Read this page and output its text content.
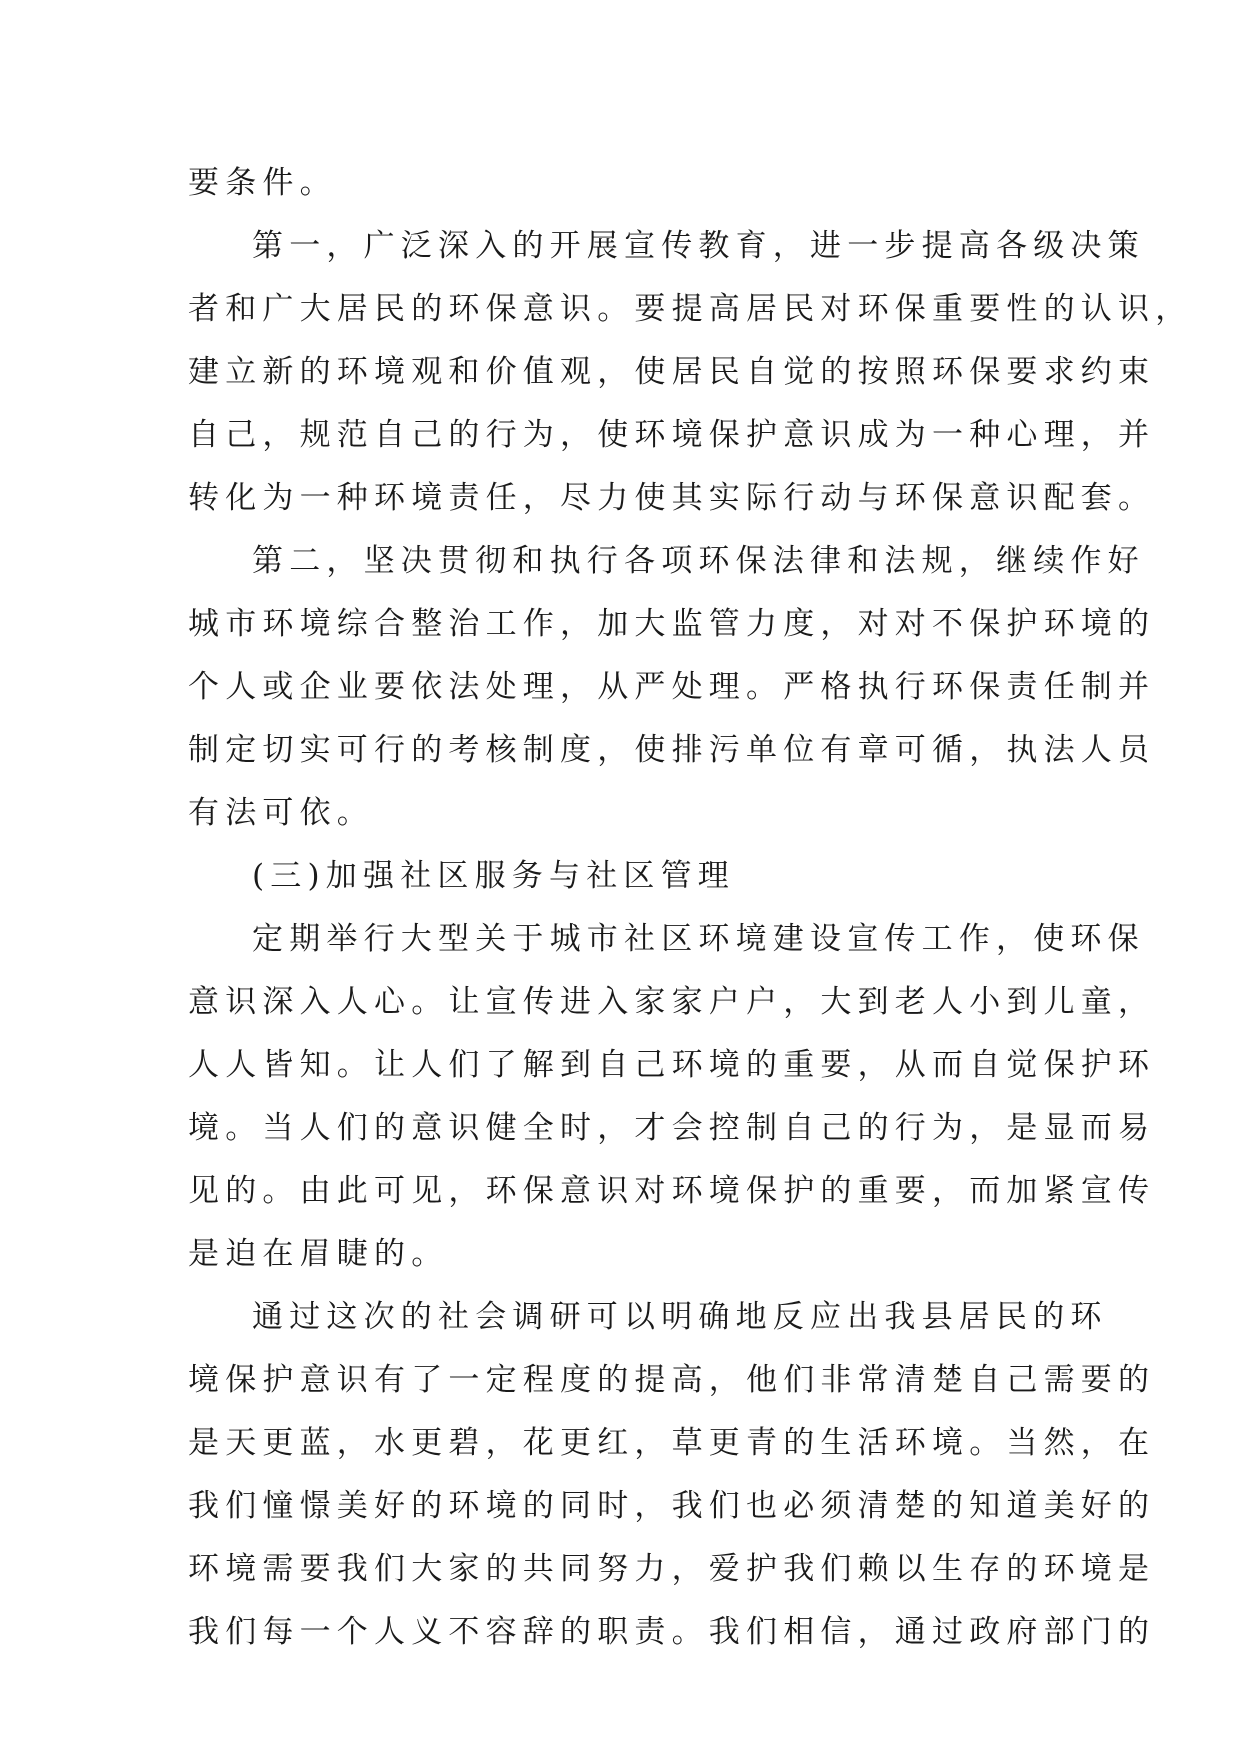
要条件。
第一，广泛深入的开展宣传教育，进一步提高各级决策
者和广大居民的环保意识。要提高居民对环保重要性的认识，
建立新的环境观和价值观，使居民自觉的按照环保要求约束
自己，规范自己的行为，使环境保护意识成为一种心理，并
转化为一种环境责任，尽力使其实际行动与环保意识配套。
第二，坚决贯彻和执行各项环保法律和法规，继续作好
城市环境综合整治工作，加大监管力度，对对不保护环境的
个人或企业要依法处理，从严处理。严格执行环保责任制并
制定切实可行的考核制度，使排污单位有章可循，执法人员
有法可依。
(三)加强社区服务与社区管理
定期举行大型关于城市社区环境建设宣传工作，使环保
意识深入人心。让宣传进入家家户户，大到老人小到儿童，
人人皆知。让人们了解到自己环境的重要，从而自觉保护环
境。当人们的意识健全时，才会控制自己的行为，是显而易
见的。由此可见，环保意识对环境保护的重要，而加紧宣传
是迫在眉睫的。
通过这次的社会调研可以明确地反应出我县居民的环
境保护意识有了一定程度的提高，他们非常清楚自己需要的
是天更蓝，水更碧，花更红，草更青的生活环境。当然，在
我们憧憬美好的环境的同时，我们也必须清楚的知道美好的
环境需要我们大家的共同努力，爱护我们赖以生存的环境是
我们每一个人义不容辞的职责。我们相信，通过政府部门的
